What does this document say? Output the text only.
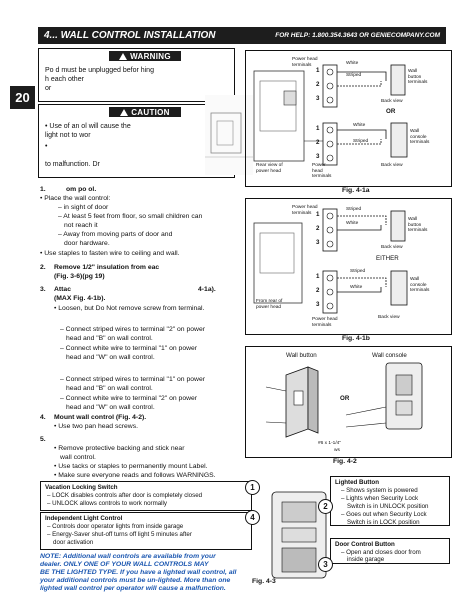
4... WALL CONTROL INSTALLATION	FOR HELP: 1.800.354.3643 OR GENIECOMPANY.COM
20
WARNING
Po d must be unplugged befor hing
h each other
or
CAUTION
• Use of an ol will cause the
light not to wor
•
to malfunction. Dr
1.	om po ol.
• Place the wall control:
– in sight of door
– At least 5 feet from floor, so small children can
not reach it
– Away from moving parts of door and
door hardware.
• Use staples to fasten wire to ceiling and wall.
2. Remove 1/2" insulation from eac
(Fig. 3-6)(pg 19)
3. Attac	4-1a).
(MAX Fig. 4-1b).
• Loosen, but Do Not remove screw from terminal.
– Connect striped wires to terminal "2" on power
head and "B" on wall control.
– Connect white wire to terminal "1" on power
head and "W" on wall control.
– Connect striped wires to terminal "1" on power
head and "B" on wall control.
– Connect white wire to terminal "2" on power
head and "W" on wall control.
4. Mount wall control (Fig. 4-2).
• Use two pan head screws.
5.
• Remove protective backing and stick near
wall control.
• Use tacks or staples to permanently mount Label.
• Make sure everyone reads and follows WARNINGS.
NOTE: Additional wall controls are available from your
dealer. ONLY ONE OF YOUR WALL CONTROLS MAY
BE THE LIGHTED TYPE. If you have a lighted wall control, all
your additional controls must be un-lighted. More than one
lighted wall control per operator will cause a malfunction.
Power head
terminals	White
Striped
Wall
button
terminals
Back view
OR
White
Striped
Wall
console
terminals
Rear view of
power head
Power
head
terminals
Back view
1
2
3
1
2
3
Fig. 4-1a
Power head
terminals
Striped
White
Wall
button
terminals
Back view
EITHER
Striped
White
Wall
console
terminals
From rear of
power head
Power head
terminals
Back view
1
2
3
1
2
3
Fig. 4-1b
Wall button	Wall console
OR
#6 x 1-1/4"
ws
Fig. 4-2
Vacation Locking Switch
– LOCK disables controls after door is completely closed
– UNLOCK allows controls to work normally
Independent Light Control
– Controls door operator lights from inside garage
– Energy-Saver shut-off turns off light 5 minutes after
door activation
Lighted Button
– Shows system is powered
– Lights when Security Lock
Switch is in UNLOCK position
– Goes out when Security Lock
Switch is in LOCK position
Door Control Button
– Open and closes door from
inside garage
1
2
3
4
Fig. 4-3
